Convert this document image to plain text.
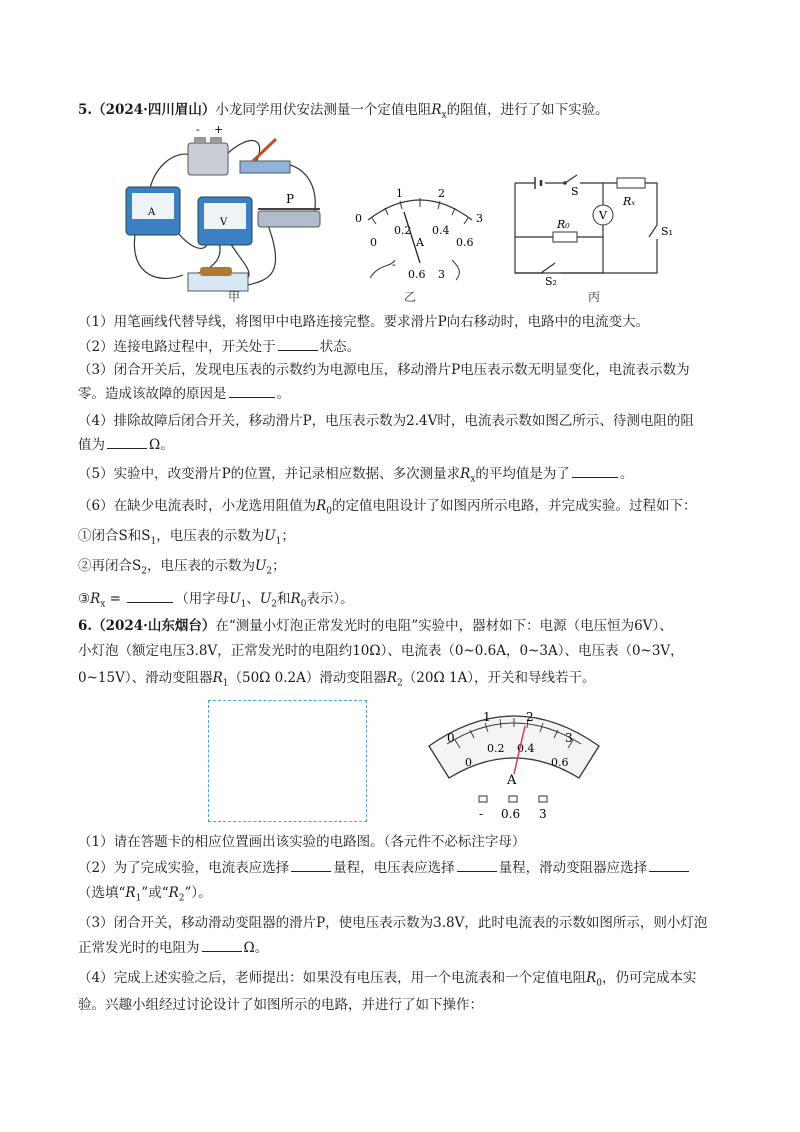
5.（2024·四川眉山）小龙同学用伏安法测量一个定值电阻$R_x$的阻值，进行了如下实验。
- +
A
V
P
甲
0
1	2
3
0
0.2 0.4
0.6
A
-
0.6 3
乙
S
Rₓ
V
R₀
S₁
S₂
丙
（1）用笔画线代替导线，将图甲中电路连接完整。要求滑片P向右移动时，电路中的电流变大。
（2）连接电路过程中，开关处于	状态。
（3）闭合开关后，发现电压表的示数约为电源电压，移动滑片P电压表示数无明显变化，电流表示数为
零。造成该故障的原因是	。
（4）排除故障后闭合开关，移动滑片P，电压表示数为2.4V时，电流表示数如图乙所示、待测电阻的阻
值为	Ω。
（5）实验中，改变滑片P的位置，并记录相应数据、多次测量求$R_x$的平均值是为了	。
（6）在缺少电流表时，小龙选用阻值为$R_0$的定值电阻设计了如图丙所示电路，并完成实验。过程如下：
①闭合S和$S_1$，电压表的示数为$U_1$；
②再闭合$S_2$，电压表的示数为$U_2$；
$③R_x$ =	（用字母$U_1$、$U_2$和$R_0$表示）。
6.（2024·山东烟台）在“测量小灯泡正常发光时的电阻”实验中，器材如下：电源（电压恒为6V）、
小灯泡（额定电压3.8V，正常发光时的电阻约10Ω）、电流表（0~0.6A，0~3A）、电压表（0~3V，
0~15V）、滑动变阻器$R_1(50\Omega$ 0.2A）滑动变阻器$R_2(20\Omega$ 1A），开关和导线若干。
0
1	2
3
0
0.2 0.4
0.6
A
- 0.6 3
（1）请在答题卡的相应位置画出该实验的电路图。（各元件不必标注字母）
（2）为了完成实验，电流表应选择	量程，电压表应选择	量程，滑动变阻器应选择
（选填“$R_1$”或“$R_2$”）。
（3）闭合开关，移动滑动变阻器的滑片P，使电压表示数为3.8V，此时电流表的示数如图所示，则小灯泡
正常发光时的电阻为	Ω。
（4）完成上述实验之后，老师提出：如果没有电压表，用一个电流表和一个定值电阻$R_0$，仍可完成本实
验。兴趣小组经过讨论设计了如图所示的电路，并进行了如下操作：
